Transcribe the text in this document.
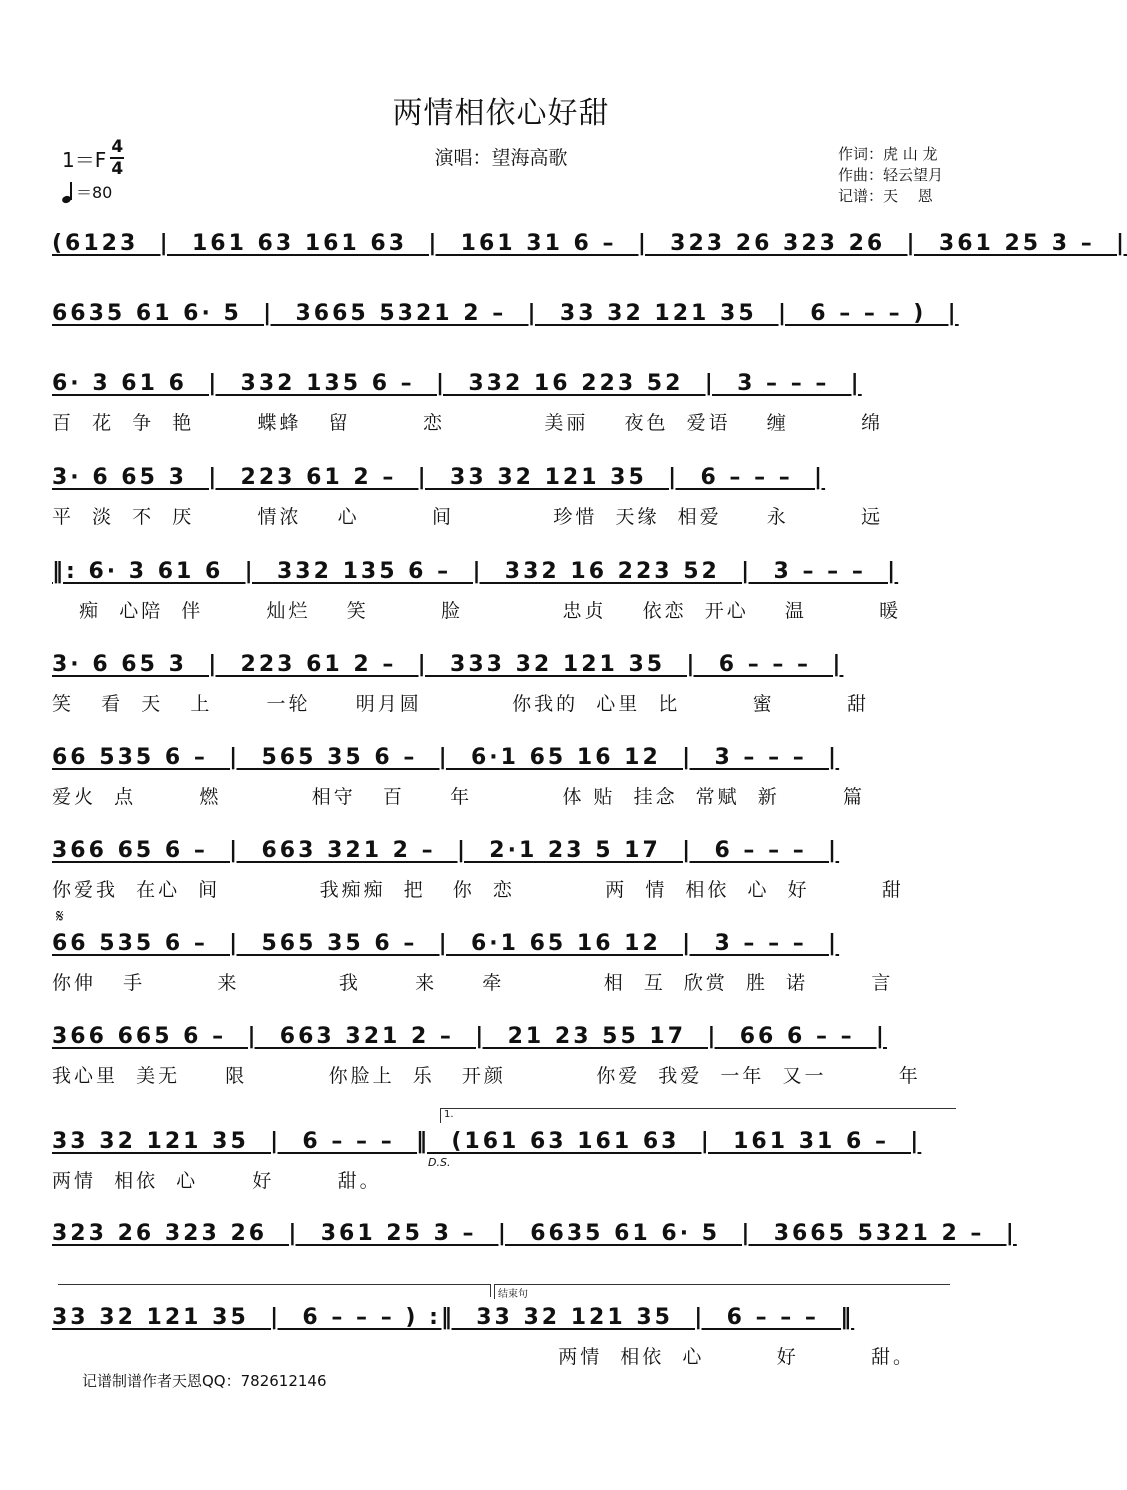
两情相依心好甜
$1=F \frac{4}{4}$
＝80
演唱：望海高歌	作词：虎 山 龙
作曲：轻云望月
记谱：天　 恩
(6123  |  161 63 161 63  |  161 31 6 –  |  323 26 323 26  |  361 25 3 –  |
6635 61 6· 5  |  3665 5321 2 –  |  33 32 121 35  |  6 – – – )  |
6· 3 61 6  |  332 135 6 –  |  332 16 223 52  |  3 – – –  |
百  花  争  艳       蝶蜂   留        恋           美丽    夜色  爱语    缠        绵
3· 6 65 3  |  223 61 2 –  |  33 32 121 35  |  6 – – –  |
平  淡  不  厌       情浓    心        间           珍惜  天缘  相爱     永        远
‖: 6· 3 61 6  |  332 135 6 –  |  332 16 223 52  |  3 – – –  |
痴  心陪  伴       灿烂    笑        脸           忠贞    依恋  开心    温        暖
3· 6 65 3  |  223 61 2 –  |  333 32 121 35  |  6 – – –  |
笑   看  天   上      一轮     明月圆          你我的  心里  比        蜜        甜
66 535 6 –  |  565 35 6 –  |  6·1 65 16 12  |  3 – – –  |
爱火  点       燃          相守   百     年          体 贴  挂念  常赋  新       篇
366 65 6 –  |  663 321 2 –  |  2·1 23 5 17  |  6 – – –  |
你爱我  在心  间           我痴痴  把   你  恋          两  情  相依  心  好        甜
𝄋
66 535 6 –  |  565 35 6 –  |  6·1 65 16 12  |  3 – – –  |
你伸   手        来           我      来     牵           相  互  欣赏  胜  诺       言
366 665 6 –  |  663 321 2 –  |  21 23 55 17  |  66 6 – –  |
我心里  美无     限         你脸上  乐   开颜          你爱  我爱  一年  又一        年
1.
33 32 121 35  |  6 – – –  ‖  (161 63 161 63  |  161 31 6 –  |
两情  相依  心      好       甜。
D.S.
323 26 323 26  |  361 25 3 –  |  6635 61 6· 5  |  3665 5321 2 –  |
结束句
33 32 121 35  |  6 – – – ) :‖  33 32 121 35  |  6 – – –  ‖
两情  相依  心        好        甜。
记谱制谱作者天恩QQ：782612146
